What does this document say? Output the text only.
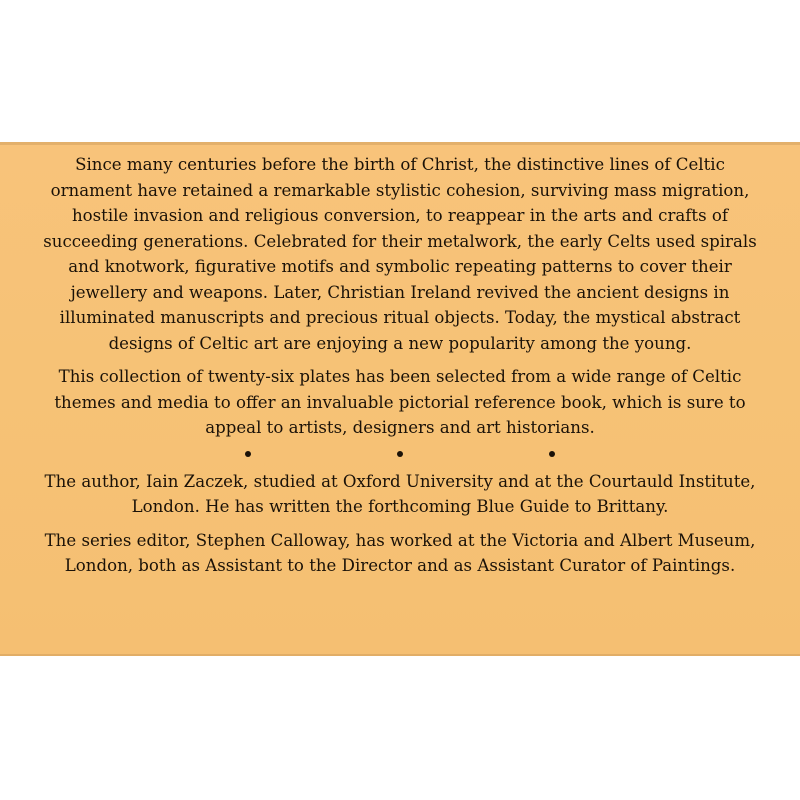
Since many centuries before the birth of Christ, the distinctive lines of Celtic ornament have retained a remarkable stylistic cohesion, surviving mass migration, hostile invasion and religious conversion, to reappear in the arts and crafts of succeeding generations. Celebrated for their metalwork, the early Celts used spirals and knotwork, figurative motifs and symbolic repeating patterns to cover their jewellery and weapons. Later, Christian Ireland revived the ancient designs in illuminated manuscripts and precious ritual objects. Today, the mystical abstract designs of Celtic art are enjoying a new popularity among the young.

This collection of twenty-six plates has been selected from a wide range of Celtic themes and media to offer an invaluable pictorial reference book, which is sure to appeal to artists, designers and art historians.

The author, Iain Zaczek, studied at Oxford University and at the Courtauld Institute, London. He has written the forthcoming Blue Guide to Brittany.

The series editor, Stephen Calloway, has worked at the Victoria and Albert Museum, London, both as Assistant to the Director and as Assistant Curator of Paintings.
